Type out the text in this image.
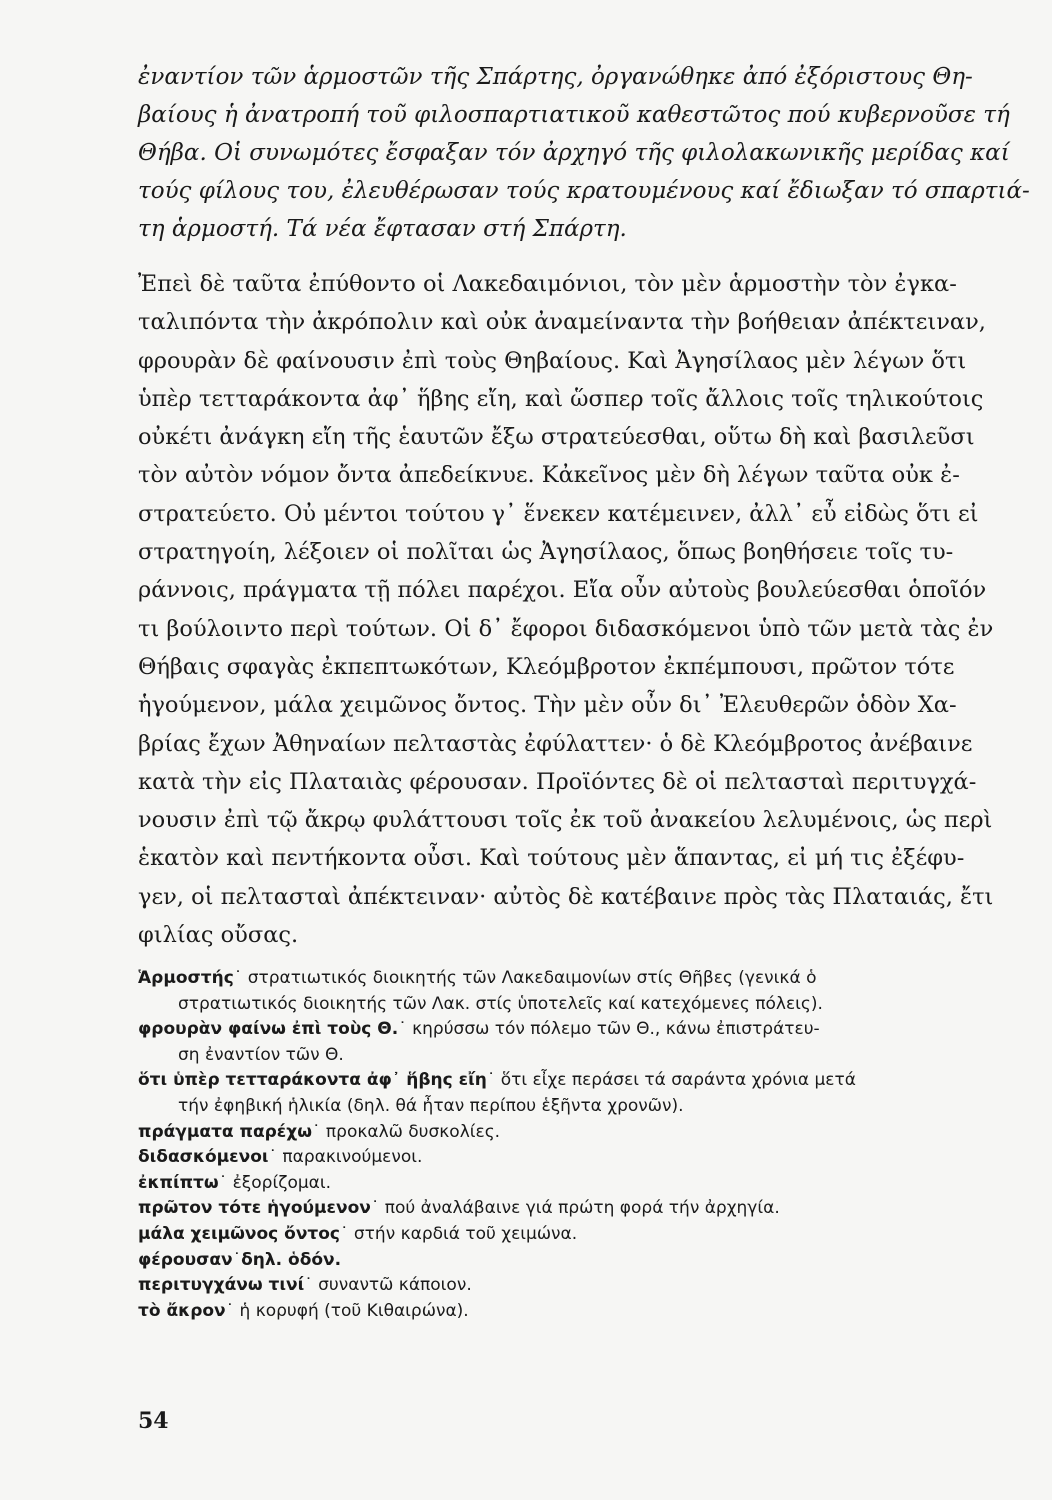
ἐναντίον τῶν ἁρμοστῶν τῆς Σπάρτης, ὀργανώθηκε ἀπό ἐξόριστους Θη-
βαίους ἡ ἀνατροπή τοῦ φιλοσπαρτιατικοῦ καθεστῶτος πού κυβερνοῦσε τή
Θήβα. Οἱ συνωμότες ἔσφαξαν τόν ἀρχηγό τῆς φιλολακωνικῆς μερίδας καί
τούς φίλους του, ἐλευθέρωσαν τούς κρατουμένους καί ἔδιωξαν τό σπαρτιά-
τη ἁρμοστή. Τά νέα ἔφτασαν στή Σπάρτη.
Ἐπεὶ δὲ ταῦτα ἐπύθοντο οἱ Λακεδαιμόνιοι, τὸν μὲν ἁρμοστὴν τὸν ἐγκα-
ταλιπόντα τὴν ἀκρόπολιν καὶ οὐκ ἀναμείναντα τὴν βοήθειαν ἀπέκτειναν,
φρουρὰν δὲ φαίνουσιν ἐπὶ τοὺς Θηβαίους. Καὶ Ἀγησίλαος μὲν λέγων ὅτι
ὑπὲρ τετταράκοντα ἀφ᾽ ἥβης εἴη, καὶ ὥσπερ τοῖς ἄλλοις τοῖς τηλικούτοις
οὐκέτι ἀνάγκη εἴη τῆς ἑαυτῶν ἔξω στρατεύεσθαι, οὕτω δὴ καὶ βασιλεῦσι
τὸν αὐτὸν νόμον ὄντα ἀπεδείκνυε. Κἀκεῖνος μὲν δὴ λέγων ταῦτα οὐκ ἐ-
στρατεύετο. Οὐ μέντοι τούτου γ᾽ ἕνεκεν κατέμεινεν, ἀλλ᾽ εὖ εἰδὼς ὅτι εἰ
στρατηγοίη, λέξοιεν οἱ πολῖται ὡς Ἀγησίλαος, ὅπως βοηθήσειε τοῖς τυ-
ράννοις, πράγματα τῇ πόλει παρέχοι. Εἴα οὖν αὐτοὺς βουλεύεσθαι ὁποῖόν
τι βούλοιντο περὶ τούτων. Οἱ δ᾽ ἔφοροι διδασκόμενοι ὑπὸ τῶν μετὰ τὰς ἐν
Θήβαις σφαγὰς ἐκπεπτωκότων, Κλεόμβροτον ἐκπέμπουσι, πρῶτον τότε
ἡγούμενον, μάλα χειμῶνος ὄντος. Τὴν μὲν οὖν δι᾽ Ἐλευθερῶν ὁδὸν Χα-
βρίας ἔχων Ἀθηναίων πελταστὰς ἐφύλαττεν· ὁ δὲ Κλεόμβροτος ἀνέβαινε
κατὰ τὴν εἰς Πλαταιὰς φέρουσαν. Προϊόντες δὲ οἱ πελτασταὶ περιτυγχά-
νουσιν ἐπὶ τῷ ἄκρῳ φυλάττουσι τοῖς ἐκ τοῦ ἀνακείου λελυμένοις, ὡς περὶ
ἑκατὸν καὶ πεντήκοντα οὖσι. Καὶ τούτους μὲν ἅπαντας, εἰ μή τις ἐξέφυ-
γεν, οἱ πελτασταὶ ἀπέκτειναν· αὐτὸς δὲ κατέβαινε πρὸς τὰς Πλαταιάς, ἔτι
φιλίας οὔσας.
Ἁρμοστής˙ στρατιωτικός διοικητής τῶν Λακεδαιμονίων στίς Θῆβες (γενικά ὁ
στρατιωτικός διοικητής τῶν Λακ. στίς ὑποτελεῖς καί κατεχόμενες πόλεις).
φρουρὰν φαίνω ἐπὶ τοὺς Θ.˙ κηρύσσω τόν πόλεμο τῶν Θ., κάνω ἐπιστράτευ-
ση ἐναντίον τῶν Θ.
ὅτι ὑπὲρ τετταράκοντα ἀφ᾽ ἥβης εἴη˙ ὅτι εἶχε περάσει τά σαράντα χρόνια μετά
τήν ἐφηβική ἡλικία (δηλ. θά ἦταν περίπου ἑξῆντα χρονῶν).
πράγματα παρέχω˙ προκαλῶ δυσκολίες.
διδασκόμενοι˙ παρακινούμενοι.
ἐκπίπτω˙ ἐξορίζομαι.
πρῶτον τότε ἡγούμενον˙ πού ἀναλάβαινε γιά πρώτη φορά τήν ἀρχηγία.
μάλα χειμῶνος ὄντος˙ στήν καρδιά τοῦ χειμώνα.
φέρουσαν˙δηλ. ὁδόν.
περιτυγχάνω τινί˙ συναντῶ κάποιον.
τὸ ἄκρον˙ ἡ κορυφή (τοῦ Κιθαιρώνα).
54
